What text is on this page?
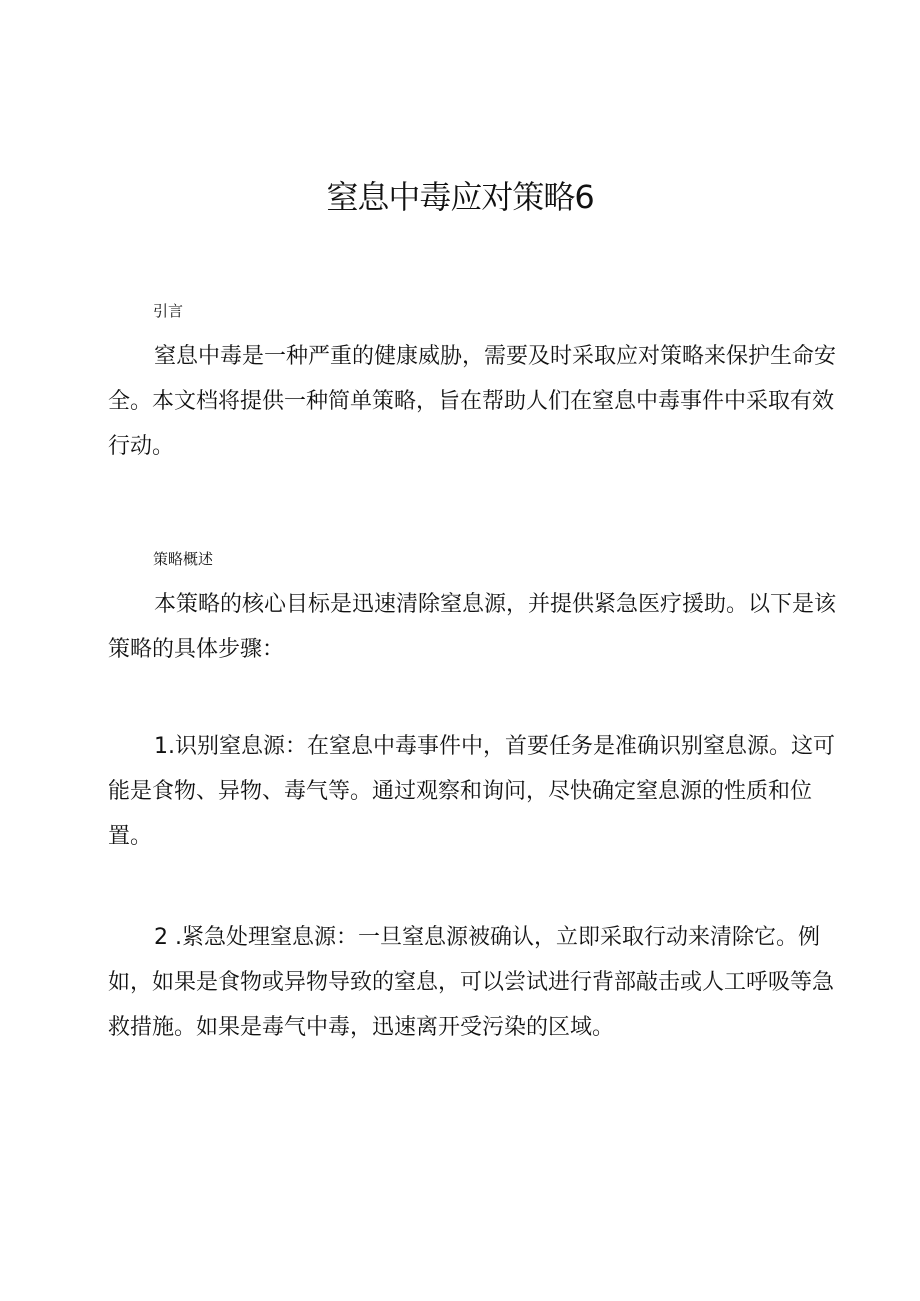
窒息中毒应对策略6
引言

窒息中毒是一种严重的健康威胁，需要及时采取应对策略来保护生命安全。本文档将提供一种简单策略，旨在帮助人们在窒息中毒事件中采取有效行动。

策略概述

本策略的核心目标是迅速清除窒息源，并提供紧急医疗援助。以下是该策略的具体步骤：

1.识别窒息源：在窒息中毒事件中，首要任务是准确识别窒息源。这可能是食物、异物、毒气等。通过观察和询问，尽快确定窒息源的性质和位置。

2 .紧急处理窒息源：一旦窒息源被确认，立即采取行动来清除它。例如，如果是食物或异物导致的窒息，可以尝试进行背部敲击或人工呼吸等急救措施。如果是毒气中毒，迅速离开受污染的区域。
